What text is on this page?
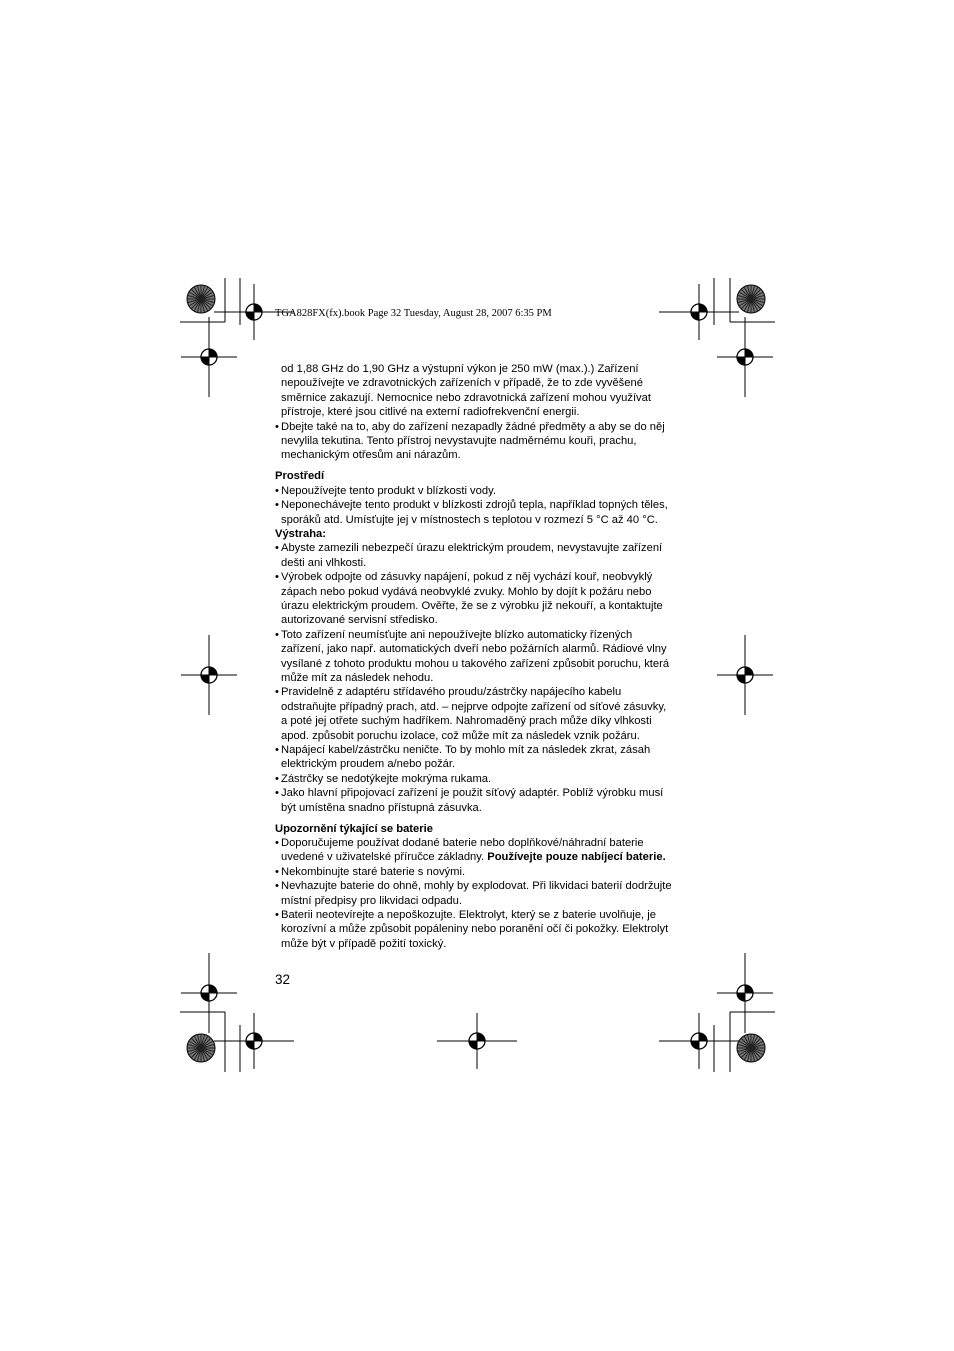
TGA828FX(fx).book Page 32 Tuesday, August 28, 2007 6:35 PM

od 1,88 GHz do 1,90 GHz a výstupní výkon je 250 mW (max.).) Zařízení

nepoužívejte ve zdravotnických zařízeních v případě, že to zde vyvěšené

směrnice zakazují. Nemocnice nebo zdravotnická zařízení mohou využívat

přístroje, které jsou citlivé na externí radiofrekvenční energii.

• Dbejte také na to, aby do zařízení nezapadly žádné předměty a aby se do něj

nevylila tekutina. Tento přístroj nevystavujte nadměrnému kouři, prachu,

mechanickým otřesům ani nárazům.

Prostředí

• Nepoužívejte tento produkt v blízkosti vody.

• Neponechávejte tento produkt v blízkosti zdrojů tepla, například topných těles,

sporáků atd. Umísťujte jej v místnostech s teplotou v rozmezí 5 °C až 40 °C.

Výstraha:

• Abyste zamezili nebezpečí úrazu elektrickým proudem, nevystavujte zařízení

dešti ani vlhkosti.

• Výrobek odpojte od zásuvky napájení, pokud z něj vychází kouř, neobvyklý

zápach nebo pokud vydává neobvyklé zvuky. Mohlo by dojít k požáru nebo

úrazu elektrickým proudem. Ověřte, že se z výrobku již nekouří, a kontaktujte

autorizované servisní středisko.

• Toto zařízení neumísťujte ani nepoužívejte blízko automaticky řízených

zařízení, jako např. automatických dveří nebo požárních alarmů. Rádiové vlny

vysílané z tohoto produktu mohou u takového zařízení způsobit poruchu, která

může mít za následek nehodu.

• Pravidelně z adaptéru střídavého proudu/zástrčky napájecího kabelu

odstraňujte případný prach, atd. – nejprve odpojte zařízení od síťové zásuvky,

a poté jej otřete suchým hadříkem. Nahromaděný prach může díky vlhkosti

apod. způsobit poruchu izolace, což může mít za následek vznik požáru.

• Napájecí kabel/zástrčku neničte. To by mohlo mít za následek zkrat, zásah

elektrickým proudem a/nebo požár.

• Zástrčky se nedotýkejte mokrýma rukama.

• Jako hlavní připojovací zařízení je použit síťový adaptér. Poblíž výrobku musí

být umístěna snadno přístupná zásuvka.

Upozornění týkající se baterie

• Doporučujeme používat dodané baterie nebo doplňkové/náhradní baterie

uvedené v uživatelské příručce základny. Používejte pouze nabíjecí baterie.

• Nekombinujte staré baterie s novými.

• Nevhazujte baterie do ohně, mohly by explodovat. Při likvidaci baterií dodržujte

místní předpisy pro likvidaci odpadu.

• Baterii neotevírejte a nepoškozujte. Elektrolyt, který se z baterie uvolňuje, je

korozívní a může způsobit popáleniny nebo poranění očí či pokožky. Elektrolyt

může být v případě požití toxický.

32
